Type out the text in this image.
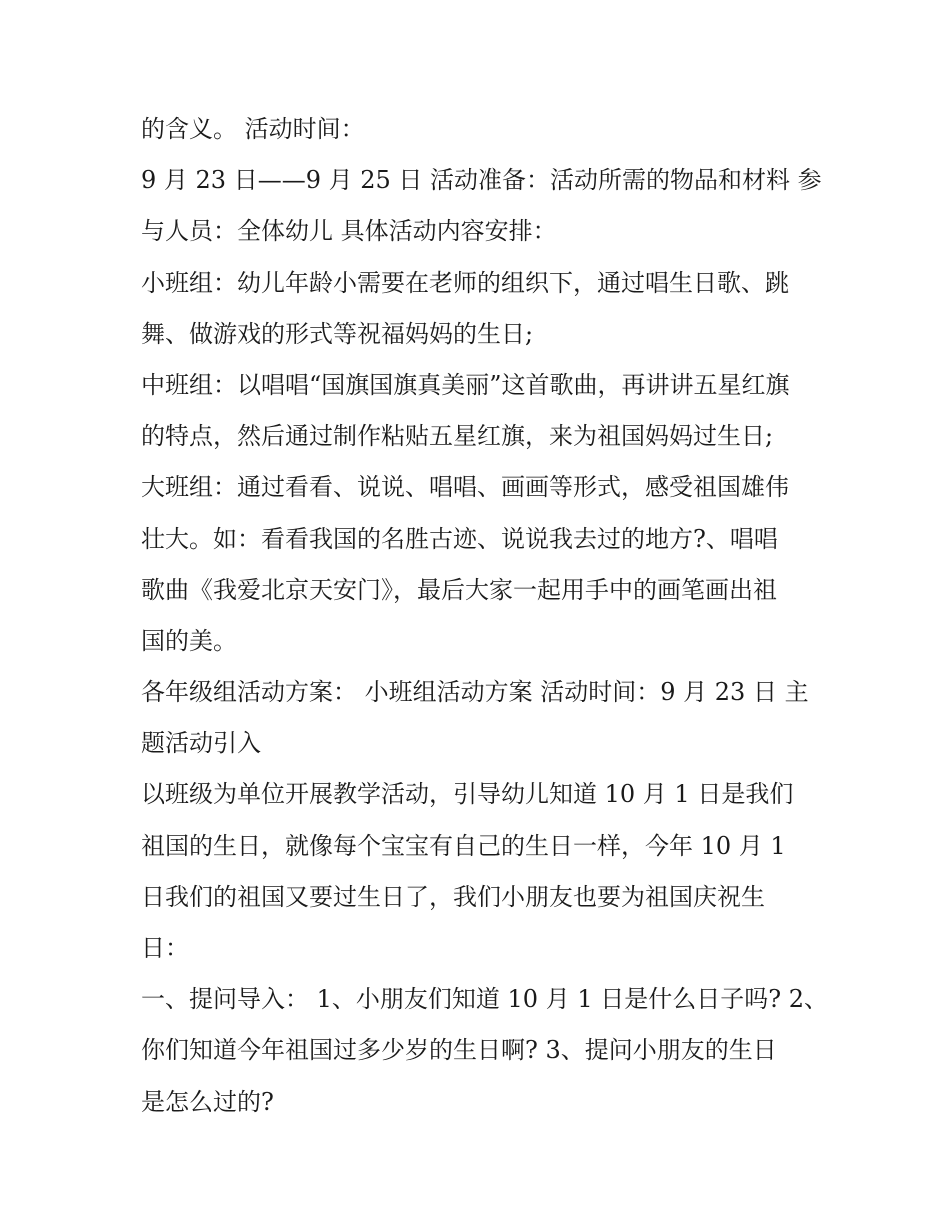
的含义。 活动时间：
9 月 23 日——9 月 25 日 活动准备：活动所需的物品和材料 参
与人员：全体幼儿 具体活动内容安排：
小班组：幼儿年龄小需要在老师的组织下，通过唱生日歌、跳
舞、做游戏的形式等祝福妈妈的生日;
中班组：以唱唱“国旗国旗真美丽”这首歌曲，再讲讲五星红旗
的特点，然后通过制作粘贴五星红旗，来为祖国妈妈过生日;
大班组：通过看看、说说、唱唱、画画等形式，感受祖国雄伟
壮大。如：看看我国的名胜古迹、说说我去过的地方?、唱唱
歌曲《我爱北京天安门》，最后大家一起用手中的画笔画出祖
国的美。
各年级组活动方案： 小班组活动方案 活动时间：9 月 23 日 主
题活动引入
以班级为单位开展教学活动，引导幼儿知道 10 月 1 日是我们
祖国的生日，就像每个宝宝有自己的生日一样，今年 10 月 1
日我们的祖国又要过生日了，我们小朋友也要为祖国庆祝生
日：
一、提问导入： 1、小朋友们知道 10 月 1 日是什么日子吗? 2、
你们知道今年祖国过多少岁的生日啊? 3、提问小朋友的生日
是怎么过的?
